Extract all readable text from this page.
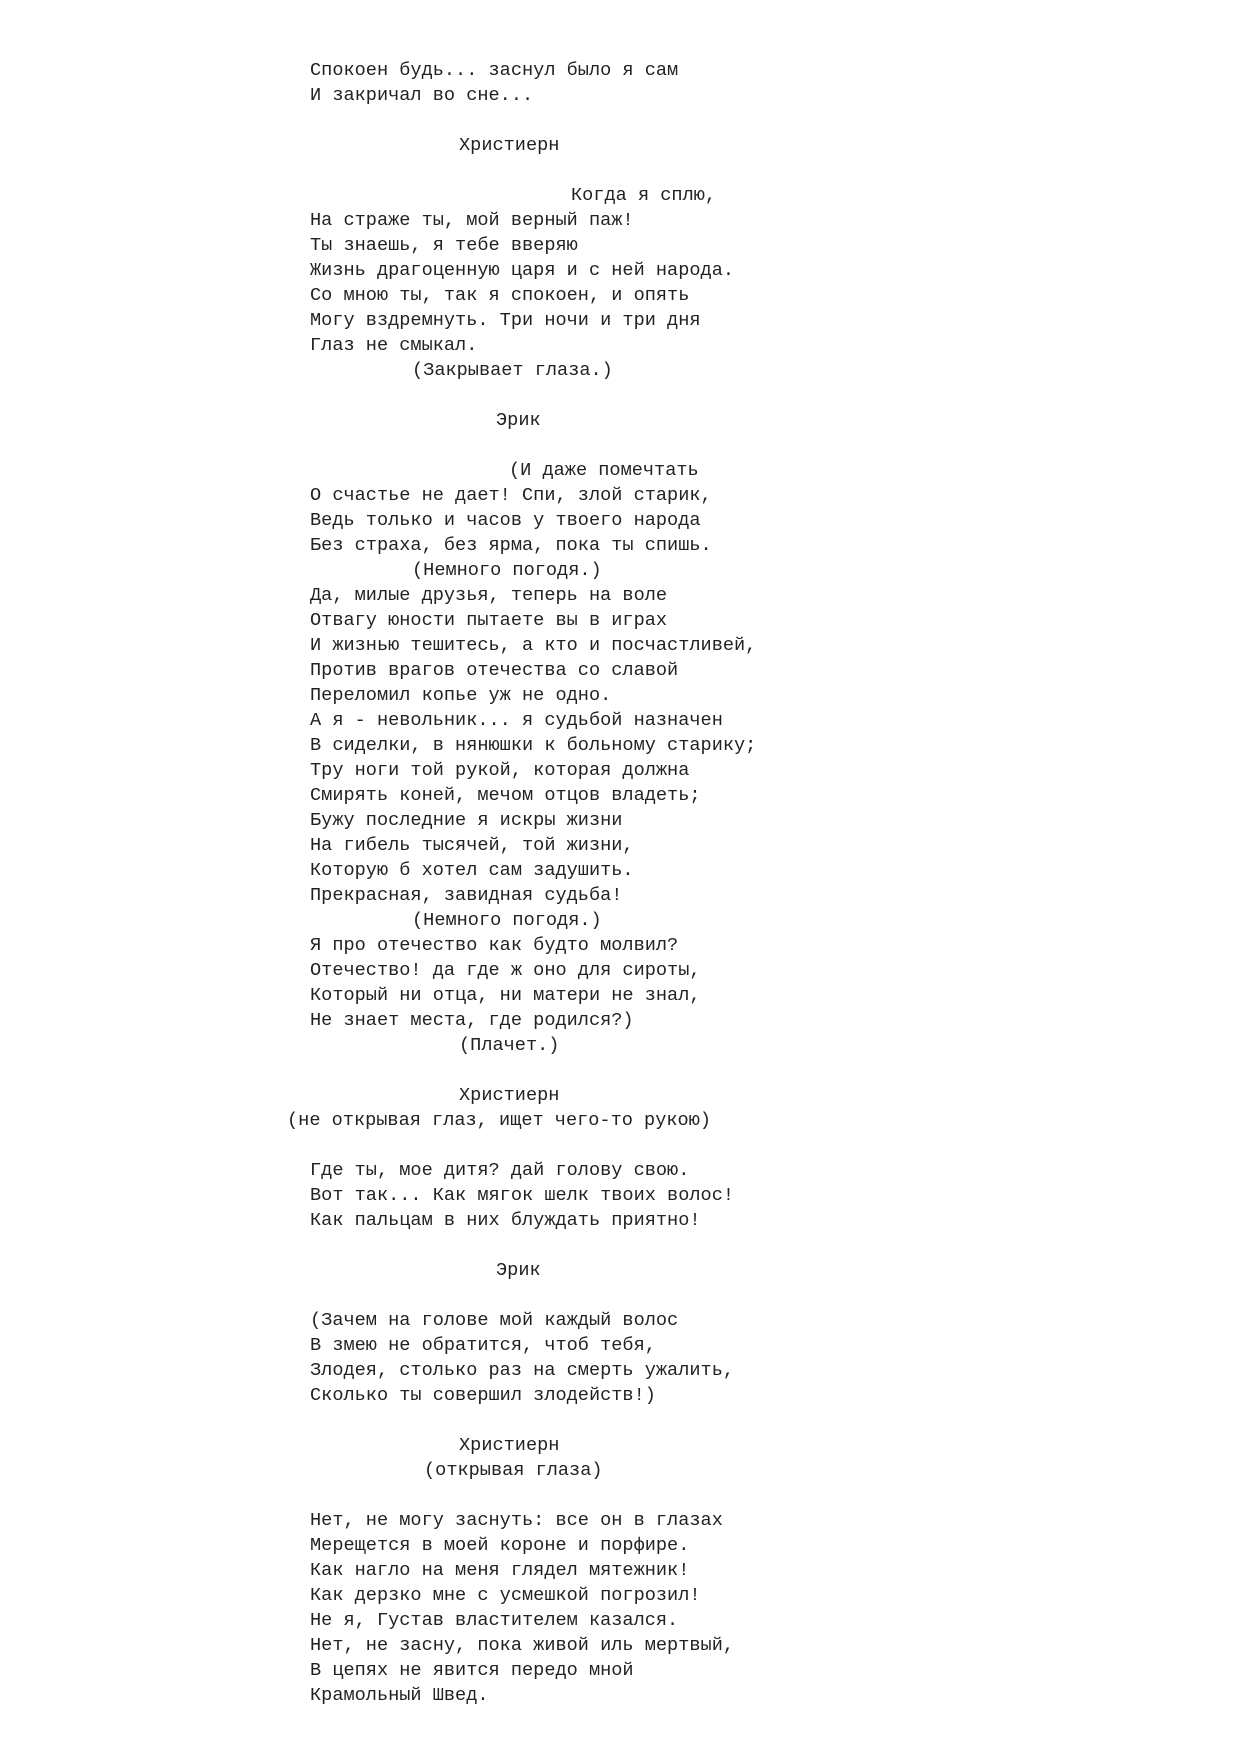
Спокоен будь... заснул было я сам
И закричал во сне...
Христиерн
Когда я сплю,
На страже ты, мой верный паж!
Ты знаешь, я тебе вверяю
Жизнь драгоценную царя и с ней народа.
Со мною ты, так я спокоен, и опять
Могу вздремнуть. Три ночи и три дня
Глаз не смыкал.
(Закрывает глаза.)
Эрик
(И даже помечтать
О счастье не дает! Спи, злой старик,
Ведь только и часов у твоего народа
Без страха, без ярма, пока ты спишь.
(Немного погодя.)
Да, милые друзья, теперь на воле
Отвагу юности пытаете вы в играх
И жизнью тешитесь, а кто и посчастливей,
Против врагов отечества со славой
Переломил копье уж не одно.
А я - невольник... я судьбой назначен
В сиделки, в нянюшки к больному старику;
Тру ноги той рукой, которая должна
Смирять коней, мечом отцов владеть;
Бужу последние я искры жизни
На гибель тысячей, той жизни,
Которую б хотел сам задушить.
Прекрасная, завидная судьба!
(Немного погодя.)
Я про отечество как будто молвил?
Отечество! да где ж оно для сироты,
Который ни отца, ни матери не знал,
Не знает места, где родился?)
(Плачет.)
Христиерн
(не открывая глаз, ищет чего-то рукою)
Где ты, мое дитя? дай голову свою.
Вот так... Как мягок шелк твоих волос!
Как пальцам в них блуждать приятно!
Эрик
(Зачем на голове мой каждый волос
В змею не обратится, чтоб тебя,
Злодея, столько раз на смерть ужалить,
Сколько ты совершил злодейств!)
Христиерн
(открывая глаза)
Нет, не могу заснуть: все он в глазах
Мерещется в моей короне и порфире.
Как нагло на меня глядел мятежник!
Как дерзко мне с усмешкой погрозил!
Не я, Густав властителем казался.
Нет, не засну, пока живой иль мертвый,
В цепях не явится передо мной
Крамольный Швед.
